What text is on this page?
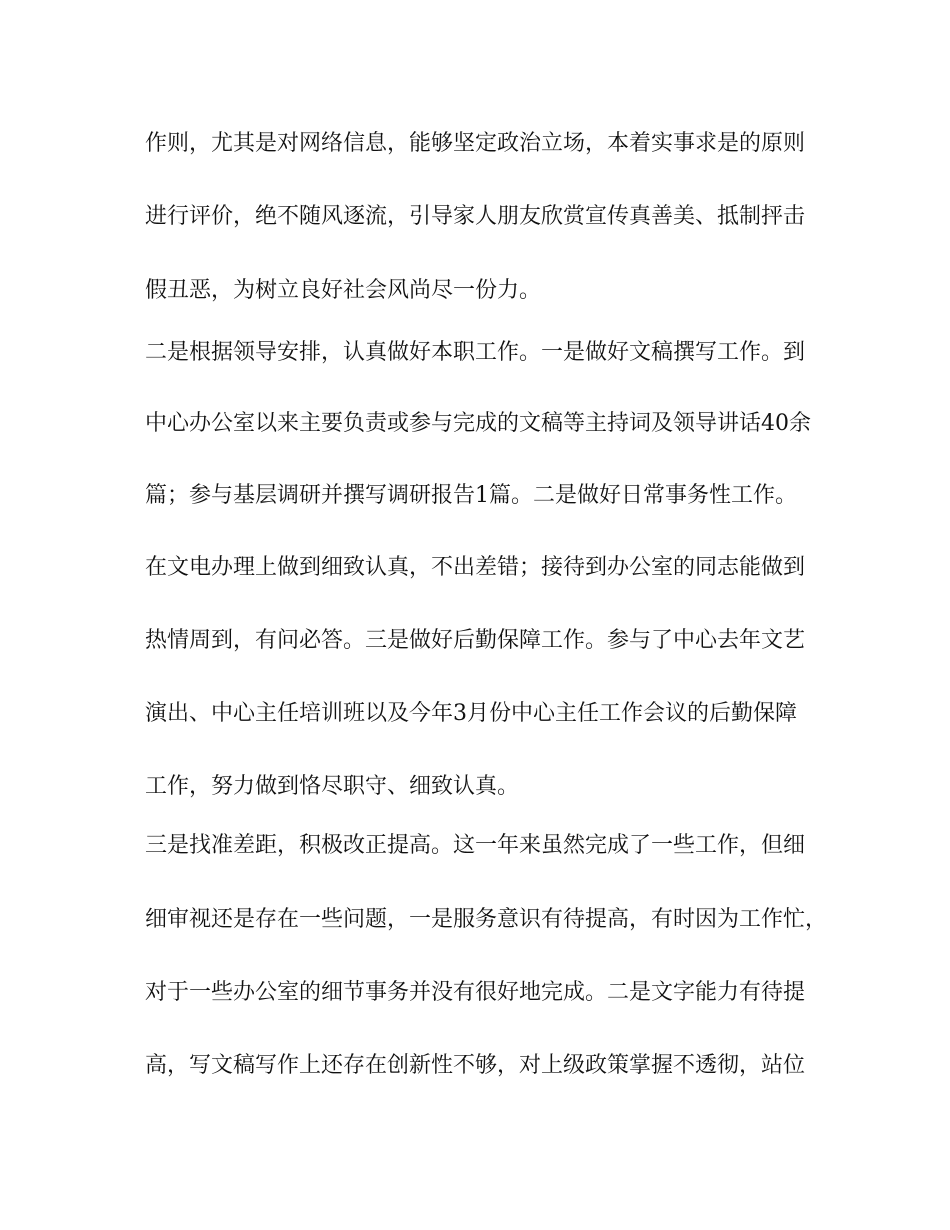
作则，尤其是对网络信息，能够坚定政治立场，本着实事求是的原则
进行评价，绝不随风逐流，引导家人朋友欣赏宣传真善美、抵制抨击
假丑恶，为树立良好社会风尚尽一份力。
二是根据领导安排，认真做好本职工作。一是做好文稿撰写工作。到
中心办公室以来主要负责或参与完成的文稿等主持词及领导讲话40余
篇；参与基层调研并撰写调研报告1篇。二是做好日常事务性工作。
在文电办理上做到细致认真，不出差错；接待到办公室的同志能做到
热情周到，有问必答。三是做好后勤保障工作。参与了中心去年文艺
演出、中心主任培训班以及今年3月份中心主任工作会议的后勤保障
工作，努力做到恪尽职守、细致认真。
三是找准差距，积极改正提高。这一年来虽然完成了一些工作，但细
细审视还是存在一些问题，一是服务意识有待提高，有时因为工作忙，
对于一些办公室的细节事务并没有很好地完成。二是文字能力有待提
高，写文稿写作上还存在创新性不够，对上级政策掌握不透彻，站位
